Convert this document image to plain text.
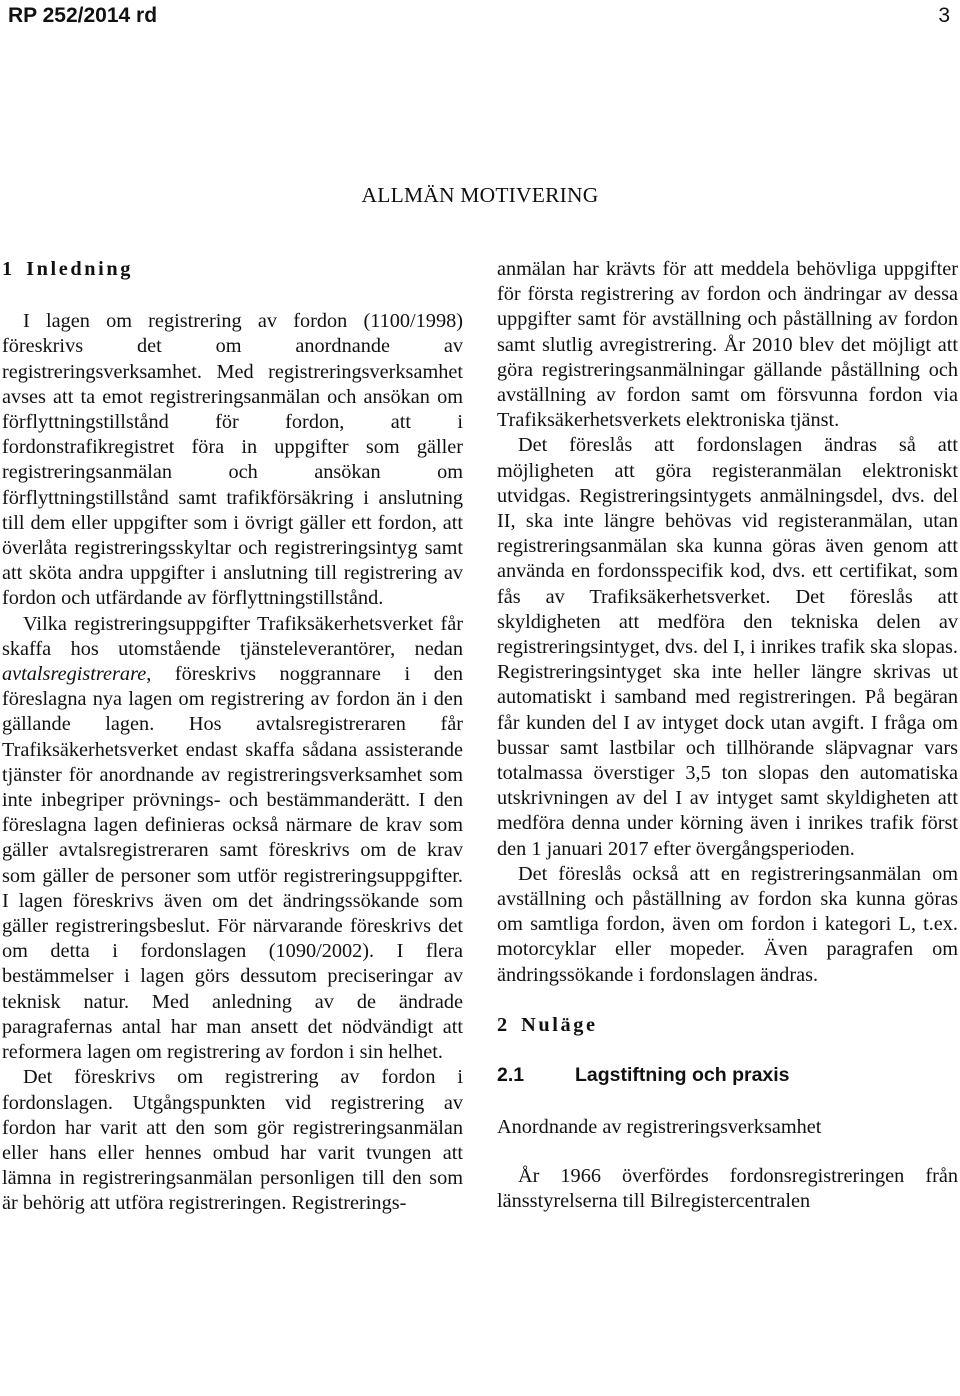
RP 252/2014 rd	3
ALLMÄN MOTIVERING
1 Inledning

I lagen om registrering av fordon (1100/1998) föreskrivs det om anordnande av registreringsverksamhet. Med registreringsverksamhet avses att ta emot registreringsanmälan och ansökan om förflyttningstillstånd för fordon, att i fordonstrafikregistret föra in uppgifter som gäller registreringsanmälan och ansökan om förflyttningstillstånd samt trafikförsäkring i anslutning till dem eller uppgifter som i övrigt gäller ett fordon, att överlåta registreringsskyltar och registreringsintyg samt att sköta andra uppgifter i anslutning till registrering av fordon och utfärdande av förflyttningstillstånd.

Vilka registreringsuppgifter Trafiksäkerhetsverket får skaffa hos utomstående tjänsteleverantörer, nedan avtalsregistrerare, föreskrivs noggrannare i den föreslagna nya lagen om registrering av fordon än i den gällande lagen. Hos avtalsregistreraren får Trafiksäkerhetsverket endast skaffa sådana assisterande tjänster för anordnande av registreringsverksamhet som inte inbegriper prövnings- och bestämmanderätt. I den föreslagna lagen definieras också närmare de krav som gäller avtalsregistreraren samt föreskrivs om de krav som gäller de personer som utför registreringsuppgifter. I lagen föreskrivs även om det ändringssökande som gäller registreringsbeslut. För närvarande föreskrivs det om detta i fordonslagen (1090/2002). I flera bestämmelser i lagen görs dessutom preciseringar av teknisk natur. Med anledning av de ändrade paragrafernas antal har man ansett det nödvändigt att reformera lagen om registrering av fordon i sin helhet.

Det föreskrivs om registrering av fordon i fordonslagen. Utgångspunkten vid registrering av fordon har varit att den som gör registreringsanmälan eller hans eller hennes ombud har varit tvungen att lämna in registreringsanmälan personligen till den som är behörig att utföra registreringen. Registrerings-

anmälan har krävts för att meddela behövliga uppgifter för första registrering av fordon och ändringar av dessa uppgifter samt för avställning och påställning av fordon samt slutlig avregistrering. År 2010 blev det möjligt att göra registreringsanmälningar gällande påställning och avställning av fordon samt om försvunna fordon via Trafiksäkerhetsverkets elektroniska tjänst.

Det föreslås att fordonslagen ändras så att möjligheten att göra registeranmälan elektroniskt utvidgas. Registreringsintygets anmälningsdel, dvs. del II, ska inte längre behövas vid registeranmälan, utan registreringsanmälan ska kunna göras även genom att använda en fordonsspecifik kod, dvs. ett certifikat, som fås av Trafiksäkerhetsverket. Det föreslås att skyldigheten att medföra den tekniska delen av registreringsintyget, dvs. del I, i inrikes trafik ska slopas. Registreringsintyget ska inte heller längre skrivas ut automatiskt i samband med registreringen. På begäran får kunden del I av intyget dock utan avgift. I fråga om bussar samt lastbilar och tillhörande släpvagnar vars totalmassa överstiger 3,5 ton slopas den automatiska utskrivningen av del I av intyget samt skyldigheten att medföra denna under körning även i inrikes trafik först den 1 januari 2017 efter övergångsperioden.

Det föreslås också att en registreringsanmälan om avställning och påställning av fordon ska kunna göras om samtliga fordon, även om fordon i kategori L, t.ex. motorcyklar eller mopeder. Även paragrafen om ändringssökande i fordonslagen ändras.

2 Nuläge
2.1	Lagstiftning och praxis
Anordnande av registreringsverksamhet

År 1966 överfördes fordonsregistreringen från länsstyrelserna till Bilregistercentralen
